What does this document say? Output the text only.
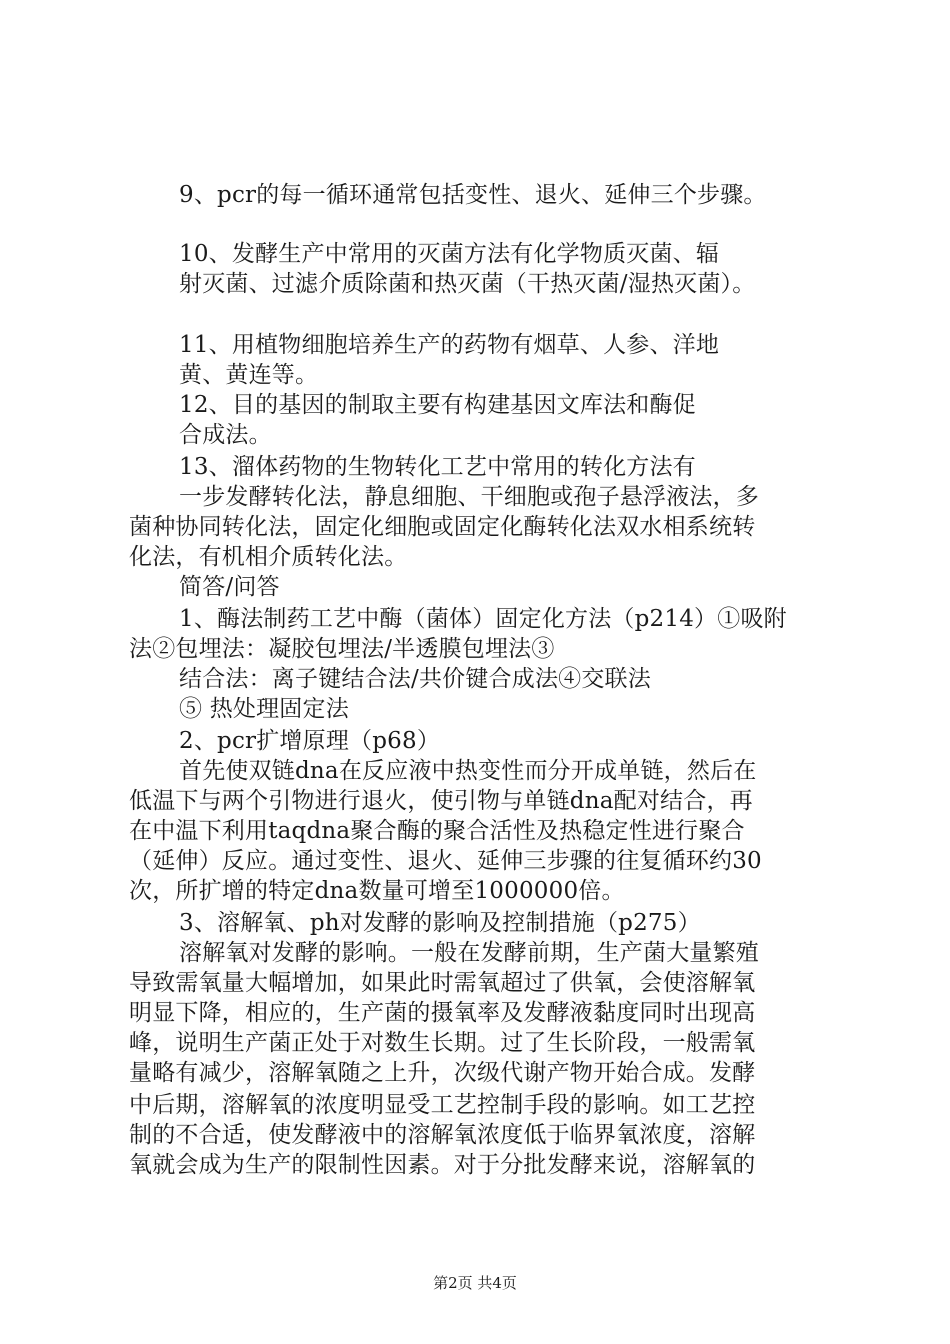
9、pcr的每一循环通常包括变性、退火、延伸三个步骤。
10、发酵生产中常用的灭菌方法有化学物质灭菌、辐
射灭菌、过滤介质除菌和热灭菌（干热灭菌/湿热灭菌）。
11、用植物细胞培养生产的药物有烟草、人参、洋地
黄、黄连等。
12、目的基因的制取主要有构建基因文库法和酶促
合成法。
13、溜体药物的生物转化工艺中常用的转化方法有
一步发酵转化法，静息细胞、干细胞或孢子悬浮液法，多
菌种协同转化法，固定化细胞或固定化酶转化法双水相系统转
化法，有机相介质转化法。
简答/问答
1、酶法制药工艺中酶（菌体）固定化方法（p214）①吸附
法②包埋法：凝胶包埋法/半透膜包埋法③
结合法：离子键结合法/共价键合成法④交联法
⑤ 热处理固定法
2、pcr扩增原理（p68）
首先使双链dna在反应液中热变性而分开成单链，然后在
低温下与两个引物进行退火，使引物与单链dna配对结合，再
在中温下利用taqdna聚合酶的聚合活性及热稳定性进行聚合
（延伸）反应。通过变性、退火、延伸三步骤的往复循环约30
次，所扩增的特定dna数量可增至1000000倍。
3、溶解氧、ph对发酵的影响及控制措施（p275）
溶解氧对发酵的影响。一般在发酵前期，生产菌大量繁殖
导致需氧量大幅增加，如果此时需氧超过了供氧，会使溶解氧
明显下降，相应的，生产菌的摄氧率及发酵液黏度同时出现高
峰，说明生产菌正处于对数生长期。过了生长阶段，一般需氧
量略有减少，溶解氧随之上升，次级代谢产物开始合成。发酵
中后期，溶解氧的浓度明显受工艺控制手段的影响。如工艺控
制的不合适，使发酵液中的溶解氧浓度低于临界氧浓度，溶解
氧就会成为生产的限制性因素。对于分批发酵来说，溶解氧的
第2页 共4页
